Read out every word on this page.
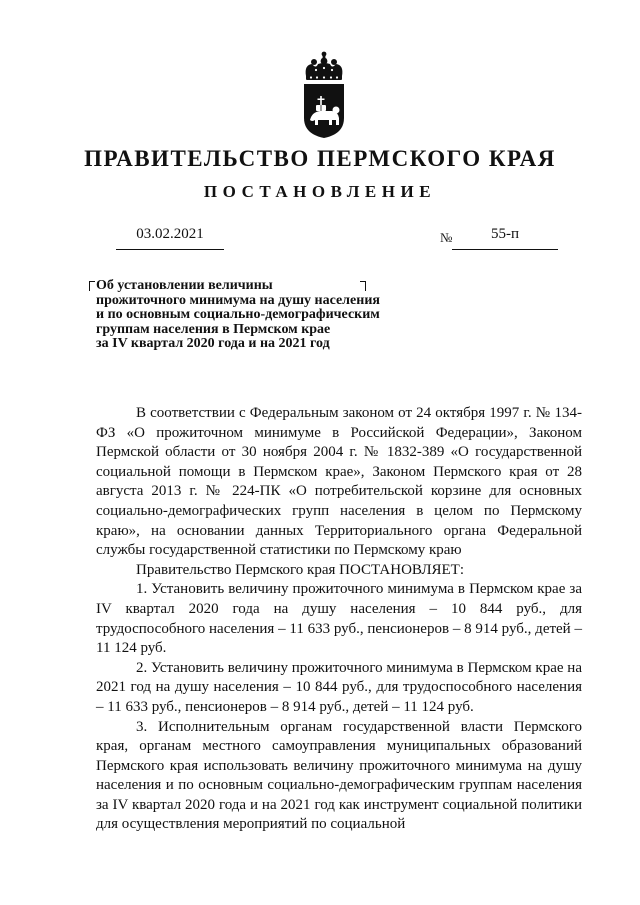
ПРАВИТЕЛЬСТВО ПЕРМСКОГО КРАЯ
ПОСТАНОВЛЕНИЕ
03.02.2021	№	55-п
Об установлении величины
прожиточного минимума на душу населения
и по основным социально-демографическим
группам населения в Пермском крае
за IV квартал 2020 года и на 2021 год

В соответствии с Федеральным законом от 24 октября 1997 г. № 134-ФЗ «О прожиточном минимуме в Российской Федерации», Законом Пермской области от 30 ноября 2004 г. № 1832-389 «О государственной социальной помощи в Пермском крае», Законом Пермского края от 28 августа 2013 г. № 224-ПК «О потребительской корзине для основных социально-демографических групп населения в целом по Пермскому краю», на основании данных Территориального органа Федеральной службы государственной статистики по Пермскому краю

Правительство Пермского края ПОСТАНОВЛЯЕТ:

1. Установить величину прожиточного минимума в Пермском крае за IV квартал 2020 года на душу населения – 10 844 руб., для трудоспособного населения – 11 633 руб., пенсионеров – 8 914 руб., детей – 11 124 руб.

2. Установить величину прожиточного минимума в Пермском крае на 2021 год на душу населения – 10 844 руб., для трудоспособного населения – 11 633 руб., пенсионеров – 8 914 руб., детей – 11 124 руб.

3. Исполнительным органам государственной власти Пермского края, органам местного самоуправления муниципальных образований Пермского края использовать величину прожиточного минимума на душу населения и по основным социально-демографическим группам населения за IV квартал 2020 года и на 2021 год как инструмент социальной политики для осуществления мероприятий по социальной
